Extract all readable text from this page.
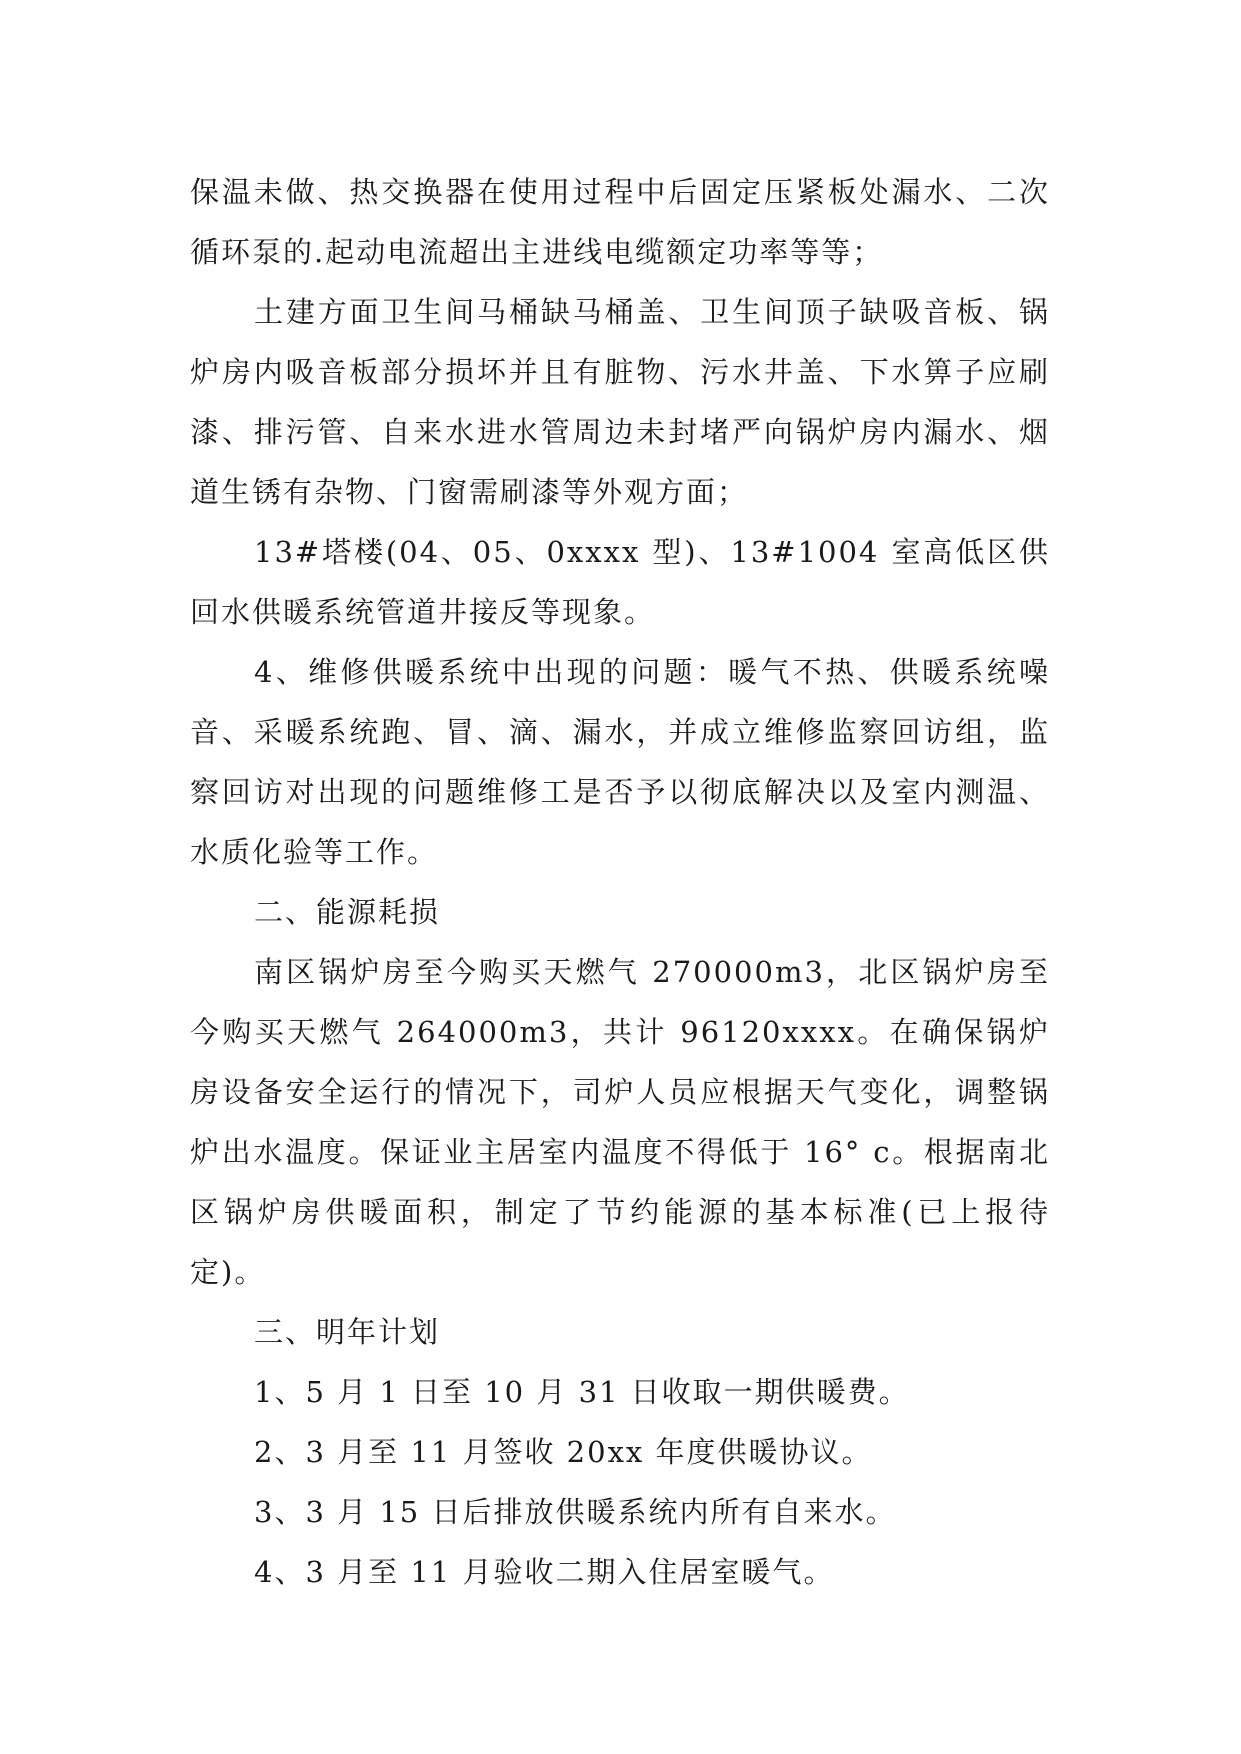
保温未做、热交换器在使用过程中后固定压紧板处漏水、二次循环泵的.起动电流超出主进线电缆额定功率等等；

土建方面卫生间马桶缺马桶盖、卫生间顶子缺吸音板、锅炉房内吸音板部分损坏并且有脏物、污水井盖、下水箅子应刷漆、排污管、自来水进水管周边未封堵严向锅炉房内漏水、烟道生锈有杂物、门窗需刷漆等外观方面；

13#塔楼(04、05、0xxxx 型)、13#1004 室高低区供回水供暖系统管道井接反等现象。

4、维修供暖系统中出现的问题：暖气不热、供暖系统噪音、采暖系统跑、冒、滴、漏水，并成立维修监察回访组，监察回访对出现的问题维修工是否予以彻底解决以及室内测温、水质化验等工作。

二、能源耗损

南区锅炉房至今购买天燃气 270000m3，北区锅炉房至今购买天燃气 264000m3，共计 96120xxxx。在确保锅炉房设备安全运行的情况下，司炉人员应根据天气变化，调整锅炉出水温度。保证业主居室内温度不得低于 16° c。根据南北区锅炉房供暖面积，制定了节约能源的基本标准(已上报待定)。

三、明年计划

1、5 月 1 日至 10 月 31 日收取一期供暖费。

2、3 月至 11 月签收 20xx 年度供暖协议。

3、3 月 15 日后排放供暖系统内所有自来水。

4、3 月至 11 月验收二期入住居室暖气。
